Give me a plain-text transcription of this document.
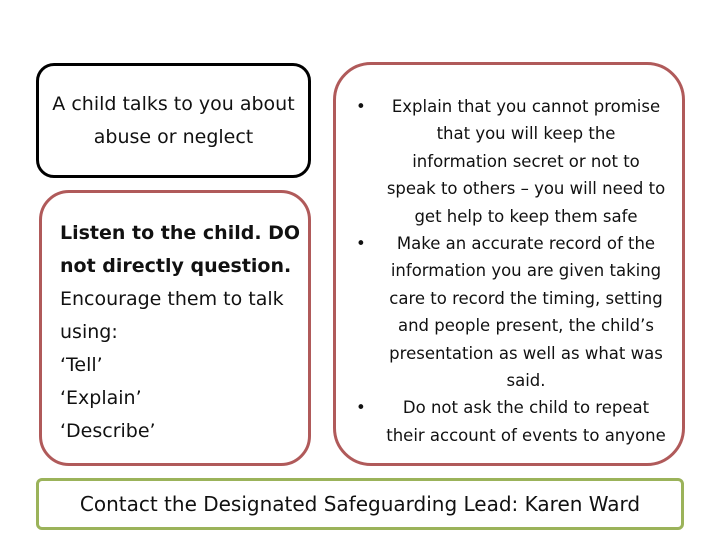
A child talks to you about
abuse or neglect
Listen to the child. DO
not directly question.
Encourage them to talk
using:
‘Tell’
‘Explain’
‘Describe’
•	Explain that you cannot promise
that you will keep the
information secret or not to
speak to others – you will need to
get help to keep them safe
•	Make an accurate record of the
information you are given taking
care to record the timing, setting
and people present, the child’s
presentation as well as what was
said.
•	Do not ask the child to repeat
their account of events to anyone
Contact the Designated Safeguarding Lead: Karen Ward
